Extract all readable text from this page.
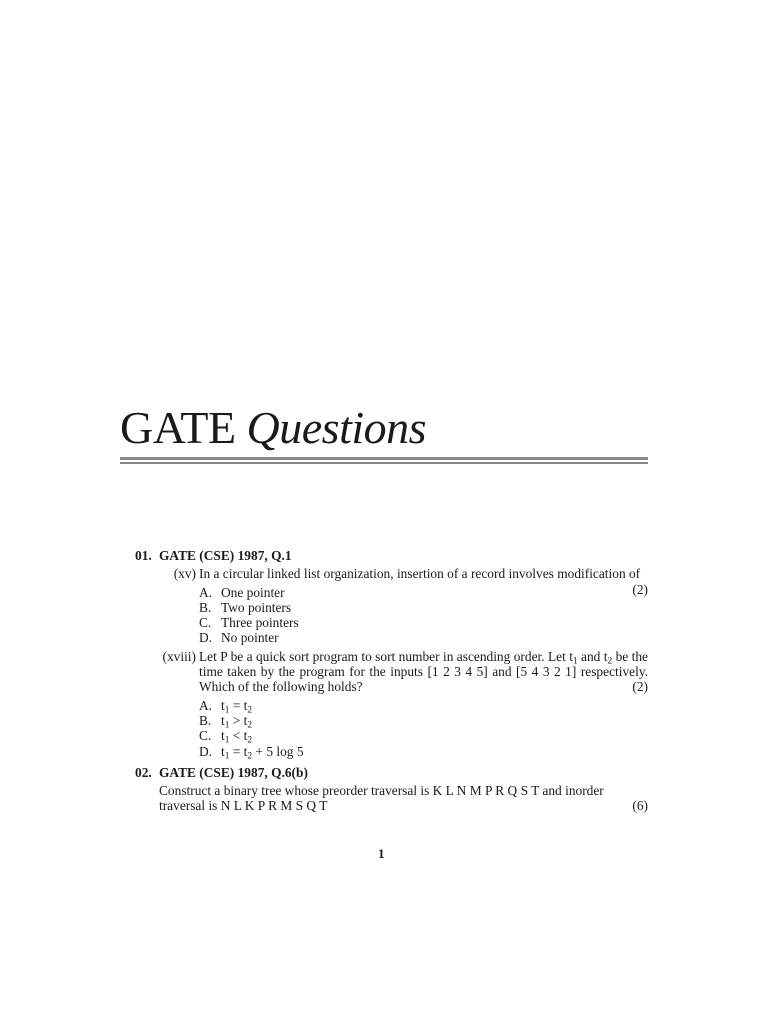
GATE Questions
01. GATE (CSE) 1987, Q.1
(xv) In a circular linked list organization, insertion of a record involves modification of
(2)
A. One pointer
B. Two pointers
C. Three pointers
D. No pointer
(xviii) Let P be a quick sort program to sort number in ascending order. Let $t_1$ and $t_2$ be the time taken by the program for the inputs [1 2 3 4 5] and [5 4 3 2 1] respectively. Which of the following holds?	(2)
A. $t_1 = t_2$
B. $t_1 > t_2$
C. $t_1 < t_2$
D. $t_1 = t_2 + 5$ log 5
02. GATE (CSE) 1987, Q.6(b)
Construct a binary tree whose preorder traversal is K L N M P R Q S T and inorder
traversal is N L K P R M S Q T	(6)
1
